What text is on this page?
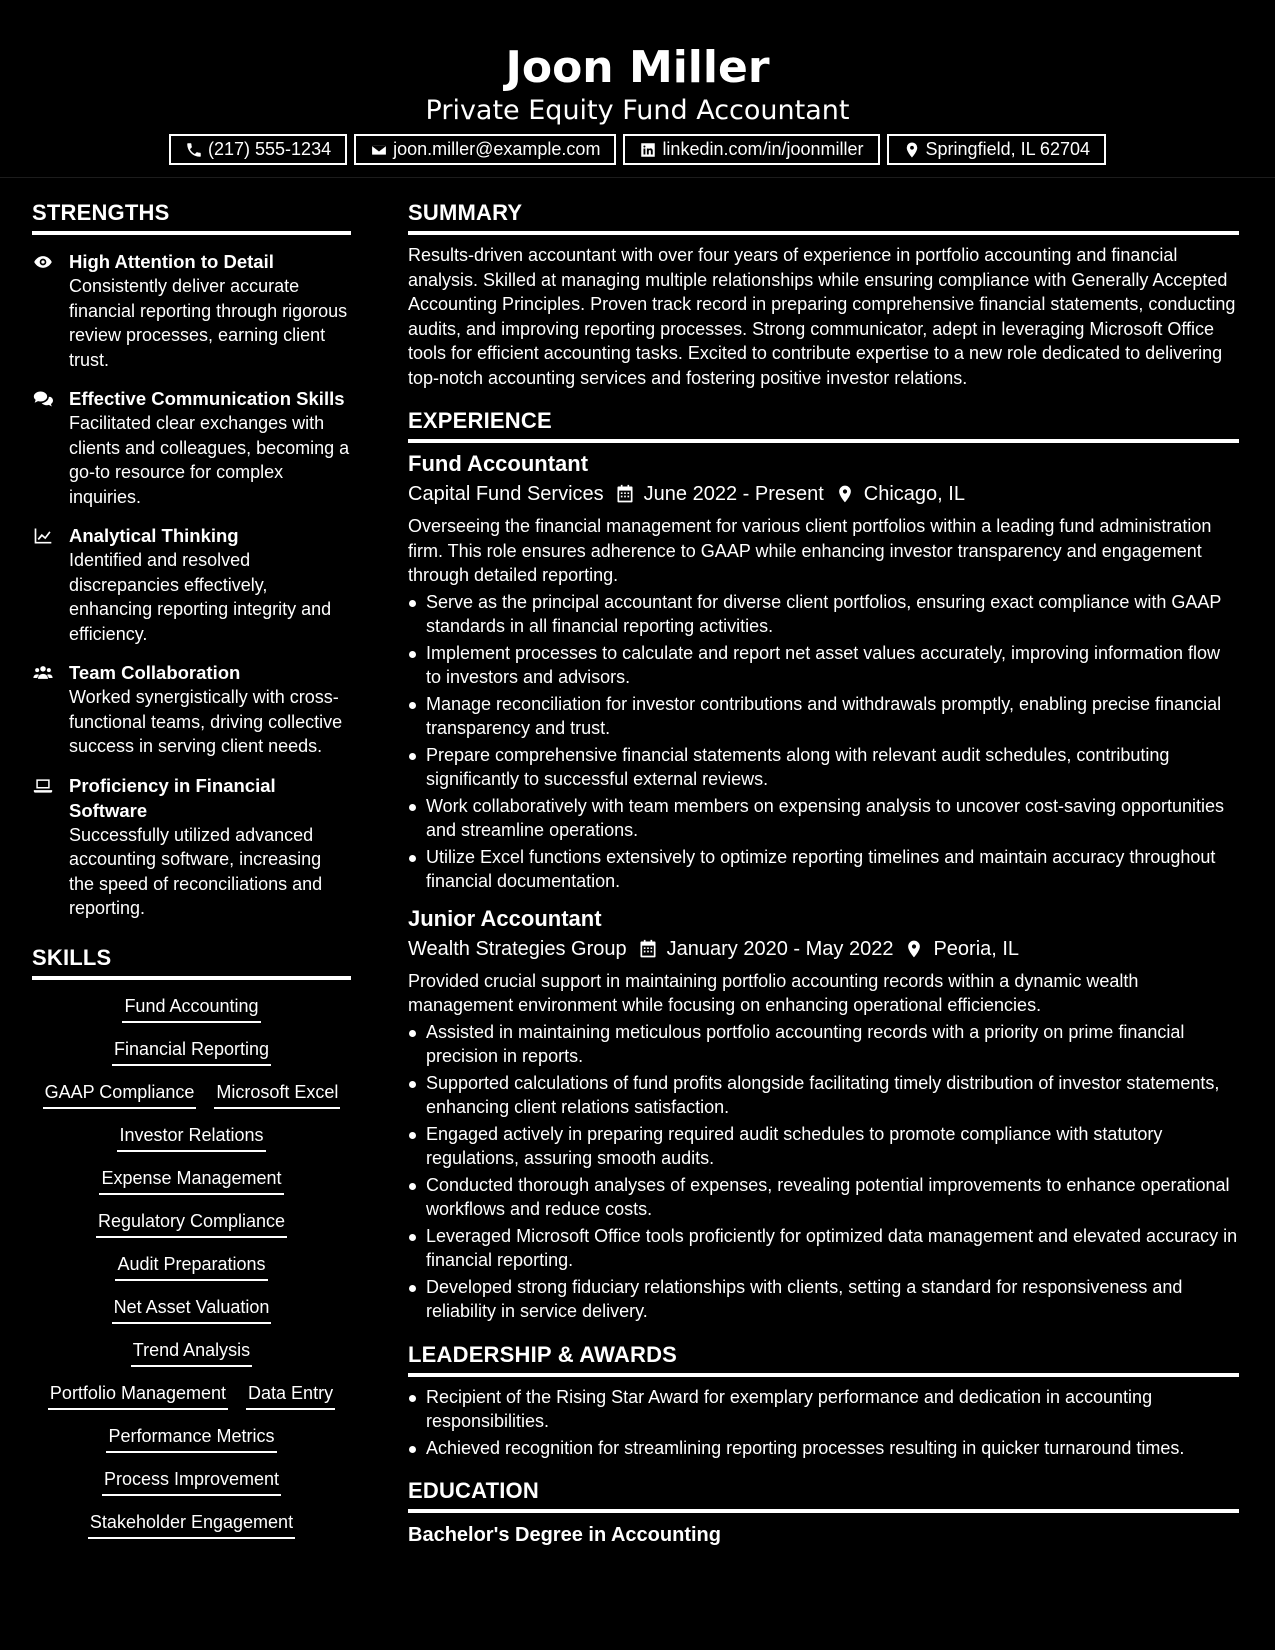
Joon Miller
Private Equity Fund Accountant
(217) 555-1234	joon.miller@example.com	linkedin.com/in/joonmiller	Springfield, IL 62704
STRENGTHS
High Attention to Detail
Consistently deliver accurate financial reporting through rigorous review processes, earning client trust.
Effective Communication Skills
Facilitated clear exchanges with clients and colleagues, becoming a go-to resource for complex inquiries.
Analytical Thinking
Identified and resolved discrepancies effectively, enhancing reporting integrity and efficiency.
Team Collaboration
Worked synergistically with cross-functional teams, driving collective success in serving client needs.
Proficiency in Financial Software
Successfully utilized advanced accounting software, increasing the speed of reconciliations and reporting.
SKILLS
Fund Accounting
Financial Reporting
GAAP Compliance Microsoft Excel
Investor Relations
Expense Management
Regulatory Compliance
Audit Preparations
Net Asset Valuation
Trend Analysis
Portfolio Management Data Entry
Performance Metrics
Process Improvement
Stakeholder Engagement
SUMMARY
Results-driven accountant with over four years of experience in portfolio accounting and financial analysis. Skilled at managing multiple relationships while ensuring compliance with Generally Accepted Accounting Principles. Proven track record in preparing comprehensive financial statements, conducting audits, and improving reporting processes. Strong communicator, adept in leveraging Microsoft Office tools for efficient accounting tasks. Excited to contribute expertise to a new role dedicated to delivering top-notch accounting services and fostering positive investor relations.
EXPERIENCE
Fund Accountant
Capital Fund Services June 2022 - Present Chicago, IL
Overseeing the financial management for various client portfolios within a leading fund administration firm. This role ensures adherence to GAAP while enhancing investor transparency and engagement through detailed reporting.
Serve as the principal accountant for diverse client portfolios, ensuring exact compliance with GAAP standards in all financial reporting activities.
Implement processes to calculate and report net asset values accurately, improving information flow to investors and advisors.
Manage reconciliation for investor contributions and withdrawals promptly, enabling precise financial transparency and trust.
Prepare comprehensive financial statements along with relevant audit schedules, contributing significantly to successful external reviews.
Work collaboratively with team members on expensing analysis to uncover cost-saving opportunities and streamline operations.
Utilize Excel functions extensively to optimize reporting timelines and maintain accuracy throughout financial documentation.
Junior Accountant
Wealth Strategies Group January 2020 - May 2022 Peoria, IL
Provided crucial support in maintaining portfolio accounting records within a dynamic wealth management environment while focusing on enhancing operational efficiencies.
Assisted in maintaining meticulous portfolio accounting records with a priority on prime financial precision in reports.
Supported calculations of fund profits alongside facilitating timely distribution of investor statements, enhancing client relations satisfaction.
Engaged actively in preparing required audit schedules to promote compliance with statutory regulations, assuring smooth audits.
Conducted thorough analyses of expenses, revealing potential improvements to enhance operational workflows and reduce costs.
Leveraged Microsoft Office tools proficiently for optimized data management and elevated accuracy in financial reporting.
Developed strong fiduciary relationships with clients, setting a standard for responsiveness and reliability in service delivery.
LEADERSHIP & AWARDS
Recipient of the Rising Star Award for exemplary performance and dedication in accounting responsibilities.
Achieved recognition for streamlining reporting processes resulting in quicker turnaround times.
EDUCATION
Bachelor's Degree in Accounting
